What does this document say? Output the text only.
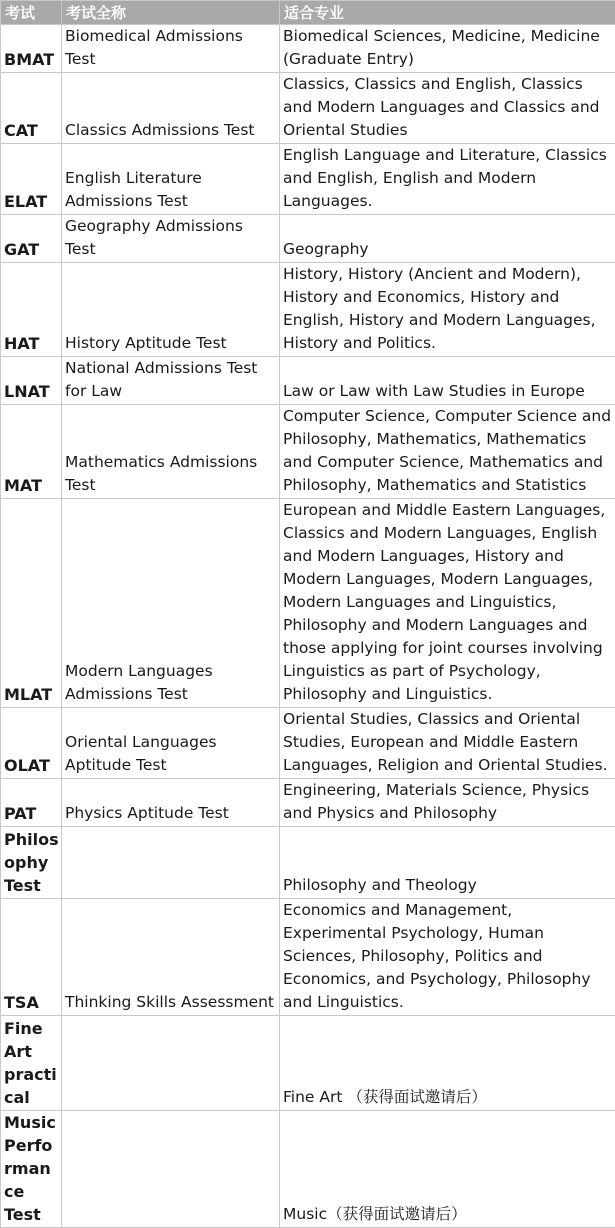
考试	考试全称	适合专业
BMAT	Biomedical Admissions Test	Biomedical Sciences, Medicine, Medicine (Graduate Entry)
CAT	Classics Admissions Test	Classics, Classics and English, Classics and Modern Languages and Classics and Oriental Studies
ELAT	English Literature Admissions Test	English Language and Literature, Classics and English, English and Modern Languages.
GAT	Geography Admissions Test	Geography
HAT	History Aptitude Test	History, History (Ancient and Modern), History and Economics, History and English, History and Modern Languages, History and Politics.
LNAT	National Admissions Test for Law	Law or Law with Law Studies in Europe
MAT	Mathematics Admissions Test	Computer Science, Computer Science and Philosophy, Mathematics, Mathematics and Computer Science, Mathematics and Philosophy, Mathematics and Statistics
MLAT	Modern Languages Admissions Test	European and Middle Eastern Languages, Classics and Modern Languages, English and Modern Languages, History and Modern Languages, Modern Languages, Modern Languages and Linguistics, Philosophy and Modern Languages and those applying for joint courses involving Linguistics as part of Psychology, Philosophy and Linguistics.
OLAT	Oriental Languages Aptitude Test	Oriental Studies, Classics and Oriental Studies, European and Middle Eastern Languages, Religion and Oriental Studies.
PAT	Physics Aptitude Test	Engineering, Materials Science, Physics and Physics and Philosophy
Philosophy Test		Philosophy and Theology
TSA	Thinking Skills Assessment	Economics and Management, Experimental Psychology, Human Sciences, Philosophy, Politics and Economics, and Psychology, Philosophy and Linguistics.
Fine Art practical		Fine Art （获得面试邀请后）
Music Performance Test		Music（获得面试邀请后）
